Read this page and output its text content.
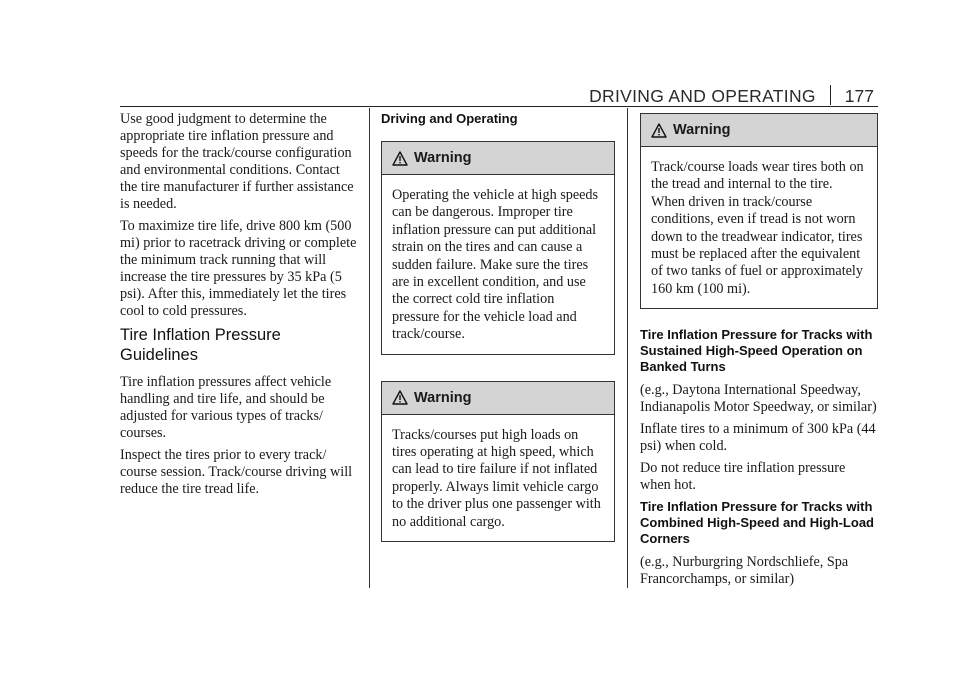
DRIVING AND OPERATING 177

Use good judgment to determine the appropriate tire inflation pressure and speeds for the track/course configuration and environmental conditions. Contact the tire manufacturer if further assistance is needed.

To maximize tire life, drive 800 km (500 mi) prior to racetrack driving or complete the minimum track running that will increase the tire pressures by 35 kPa (5 psi). After this, immediately let the tires cool to cold pressures.

Tire Inflation Pressure Guidelines

Tire inflation pressures affect vehicle handling and tire life, and should be adjusted for various types of tracks/ courses.

Inspect the tires prior to every track/ course session. Track/course driving will reduce the tire tread life.

Driving and Operating
Warning
Operating the vehicle at high speeds can be dangerous. Improper tire inflation pressure can put additional strain on the tires and can cause a sudden failure. Make sure the tires are in excellent condition, and use the correct cold tire inflation pressure for the vehicle load and track/course.
Warning
Tracks/courses put high loads on tires operating at high speed, which can lead to tire failure if not inflated properly. Always limit vehicle cargo to the driver plus one passenger with no additional cargo.
Warning
Track/course loads wear tires both on the tread and internal to the tire. When driven in track/course conditions, even if tread is not worn down to the treadwear indicator, tires must be replaced after the equivalent of two tanks of fuel or approximately 160 km (100 mi).
Tire Inflation Pressure for Tracks with Sustained High-Speed Operation on Banked Turns

(e.g., Daytona International Speedway, Indianapolis Motor Speedway, or similar)

Inflate tires to a minimum of 300 kPa (44 psi) when cold.

Do not reduce tire inflation pressure when hot.

Tire Inflation Pressure for Tracks with Combined High-Speed and High-Load Corners

(e.g., Nurburgring Nordschliefe, Spa Francorchamps, or similar)
